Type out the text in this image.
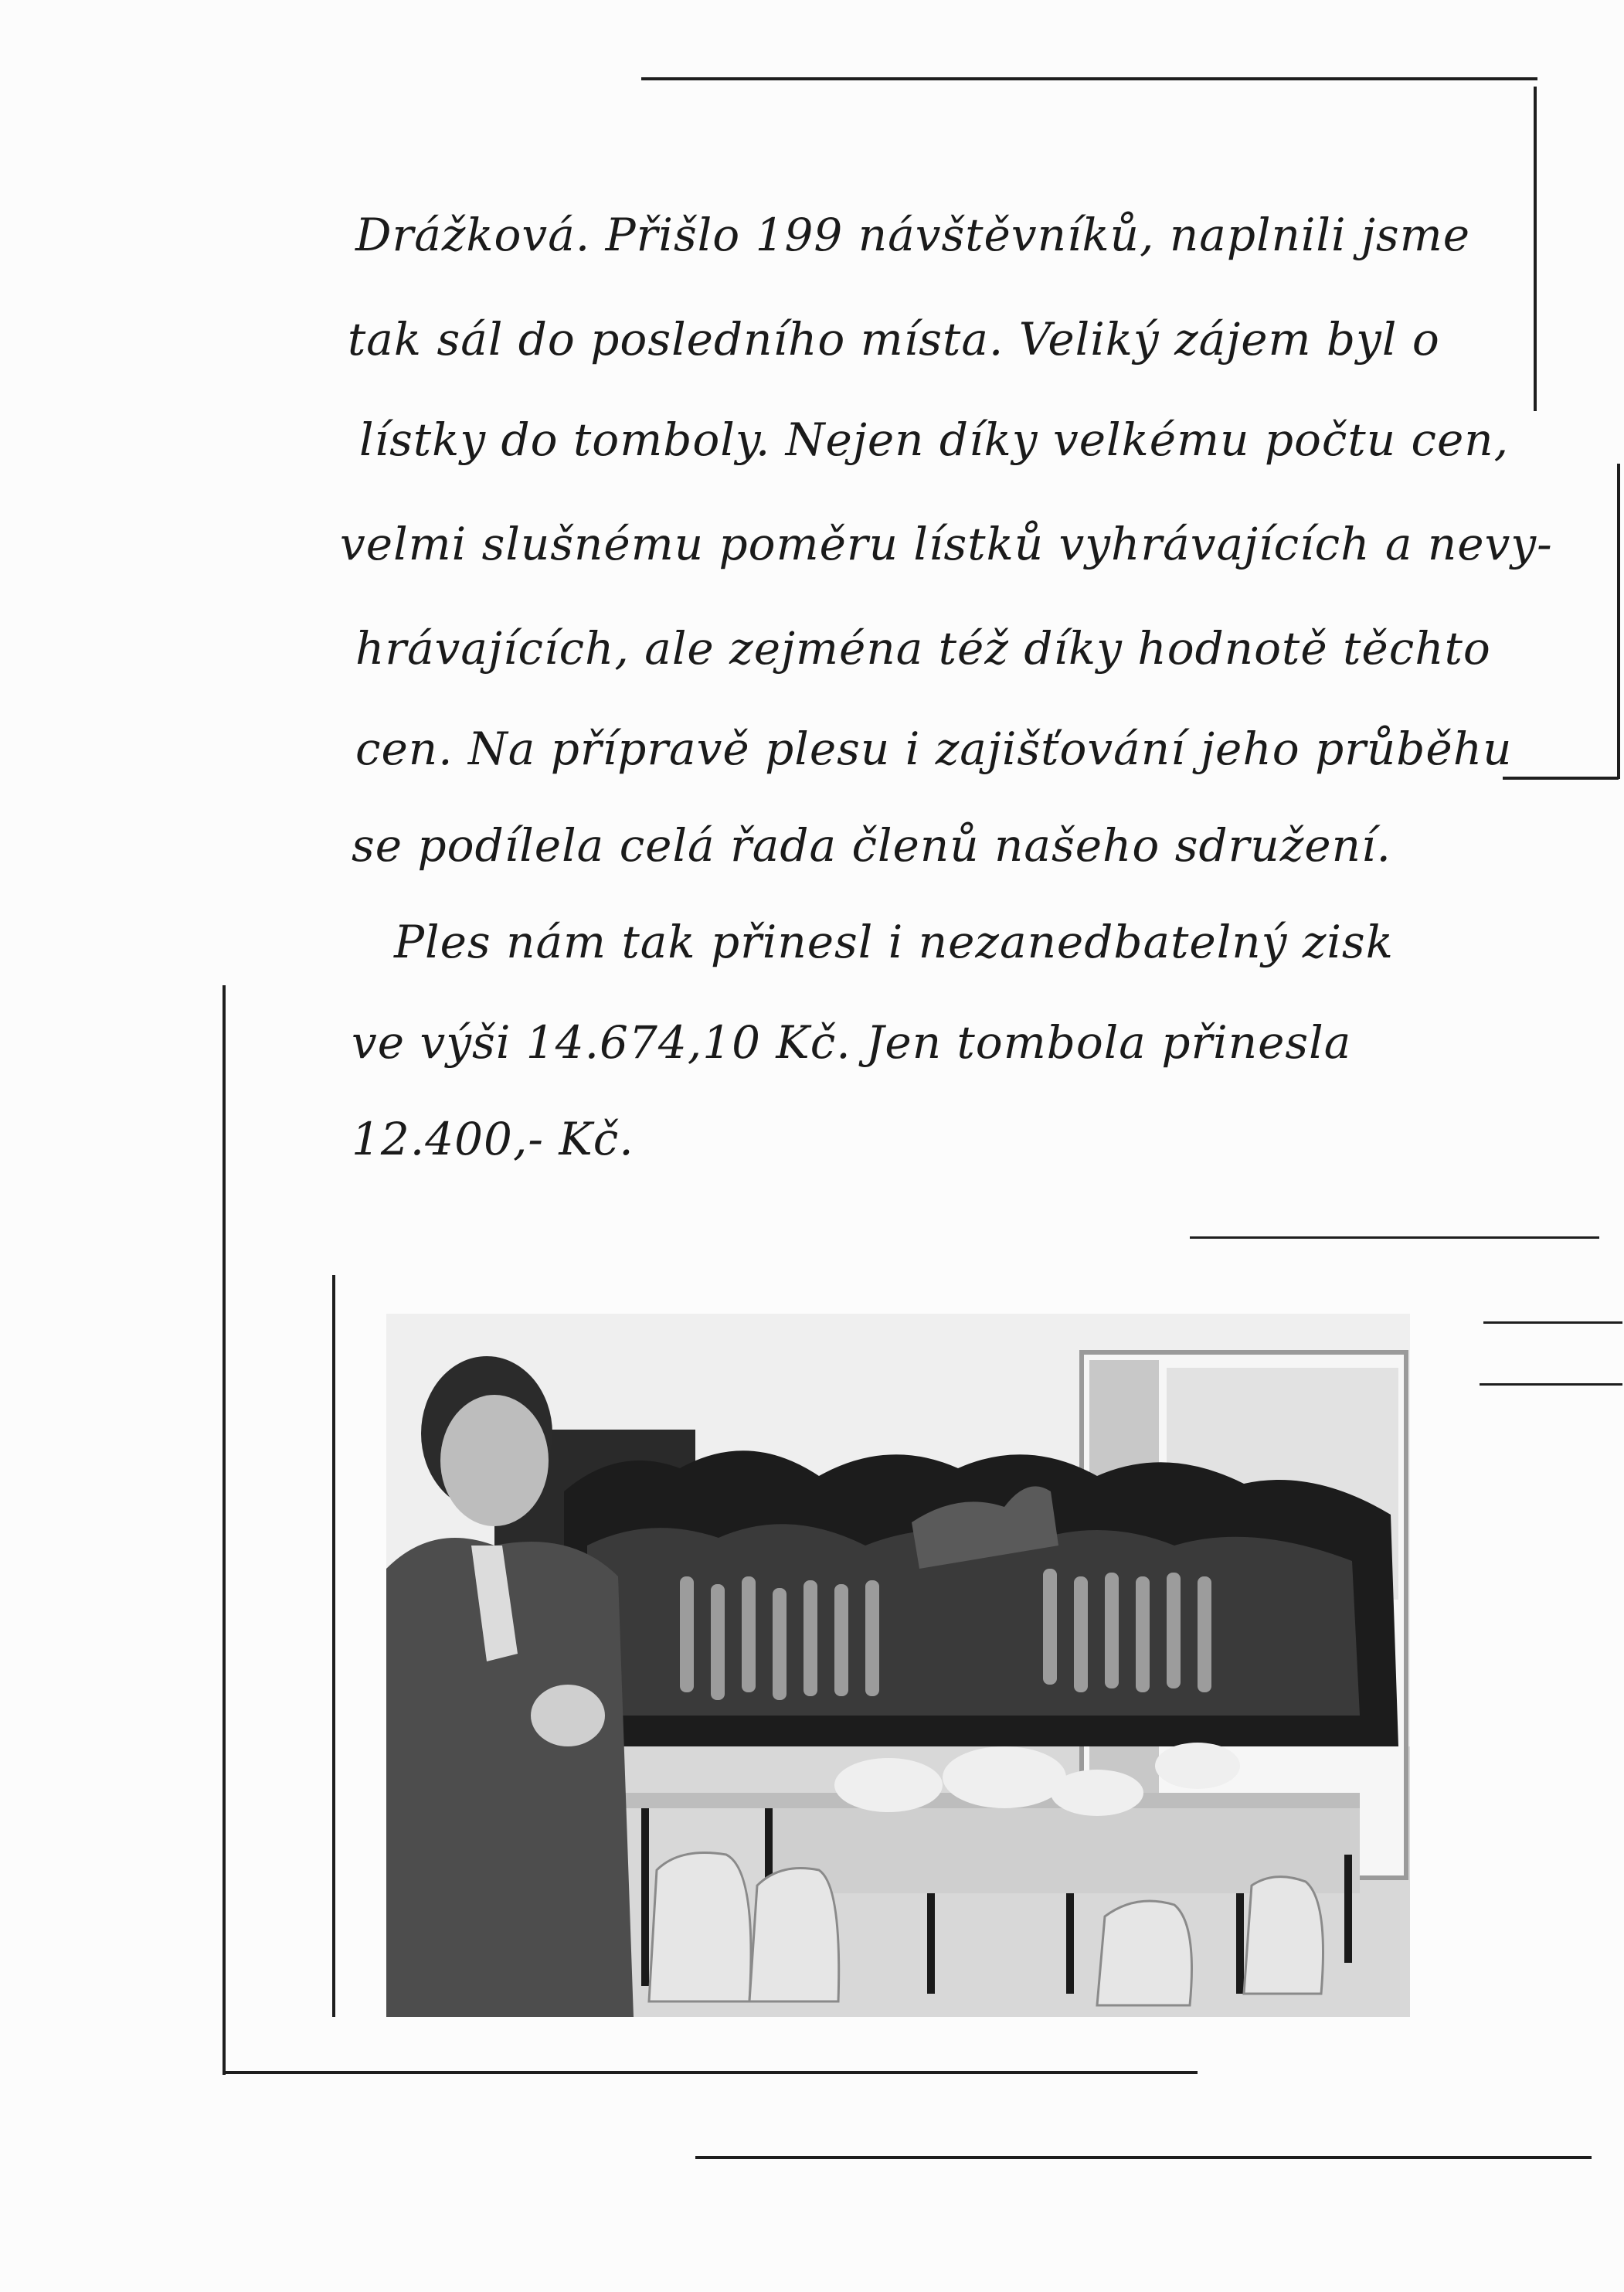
Drážková. Přišlo 199 návštěvníků, naplnili jsme
tak sál do posledního místa. Veliký zájem byl o
lístky do tomboly. Nejen díky velkému počtu cen,
velmi slušnému poměru lístků vyhrávajících a nevy-
hrávajících, ale zejména též díky hodnotě těchto
cen. Na přípravě plesu i zajišťování jeho průběhu
se podílela celá řada členů našeho sdružení.
Ples nám tak přinesl i nezanedbatelný zisk
ve výši 14.674,10 Kč. Jen tombola přinesla
12.400,- Kč.
